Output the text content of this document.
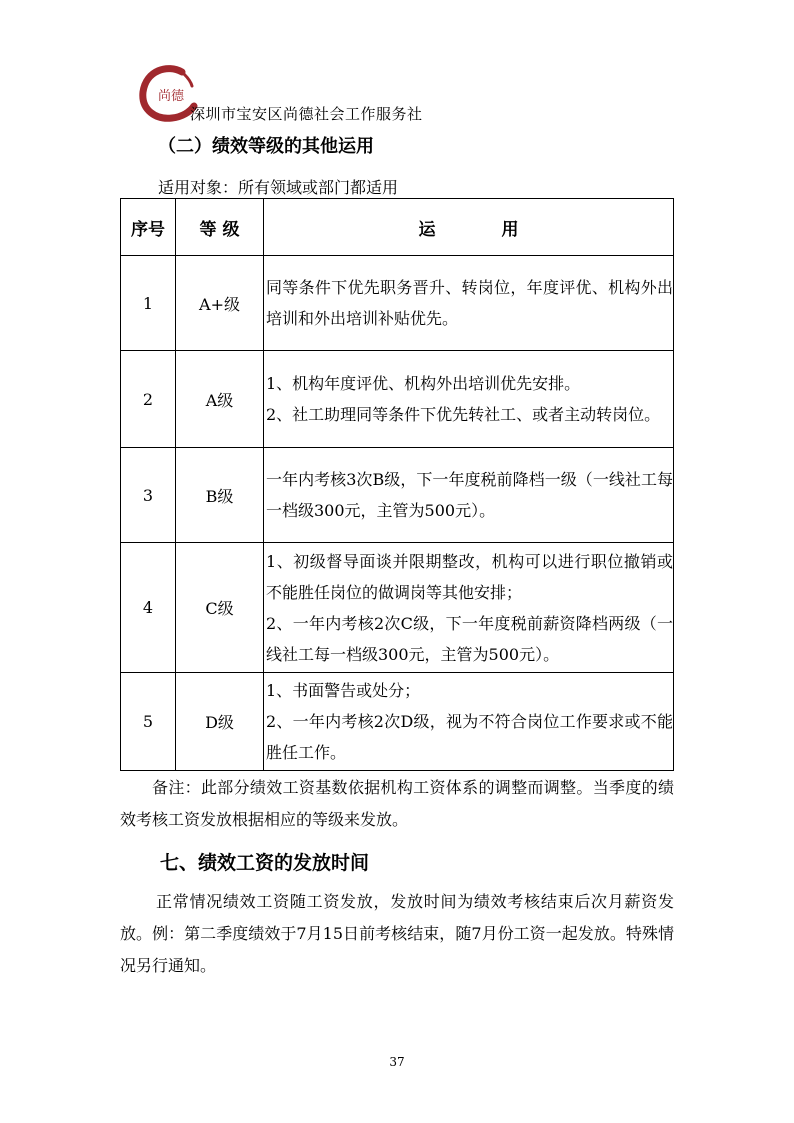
尚德
深圳市宝安区尚德社会工作服务社
（二）绩效等级的其他运用
适用对象：所有领域或部门都适用
序号	等 级	运 用
1	A+级	同等条件下优先职务晋升、转岗位，年度评优、机构外出培训和外出培训补贴优先。

2	A级	1、机构年度评优、机构外出培训优先安排。
2、社工助理同等条件下优先转社工、或者主动转岗位。

3	B级	一年内考核3次B级，下一年度税前降档一级（一线社工每一档级300元，主管为500元）。

4	C级	1、初级督导面谈并限期整改，机构可以进行职位撤销或不能胜任岗位的做调岗等其他安排；
2、一年内考核2次C级，下一年度税前薪资降档两级（一线社工每一档级300元，主管为500元）。

5	D级	1、书面警告或处分；
2、一年内考核2次D级，视为不符合岗位工作要求或不能胜任工作。
备注：此部分绩效工资基数依据机构工资体系的调整而调整。当季度的绩效考核工资发放根据相应的等级来发放。
七、绩效工资的发放时间
正常情况绩效工资随工资发放，发放时间为绩效考核结束后次月薪资发放。例：第二季度绩效于7月15日前考核结束，随7月份工资一起发放。特殊情况另行通知。
37
